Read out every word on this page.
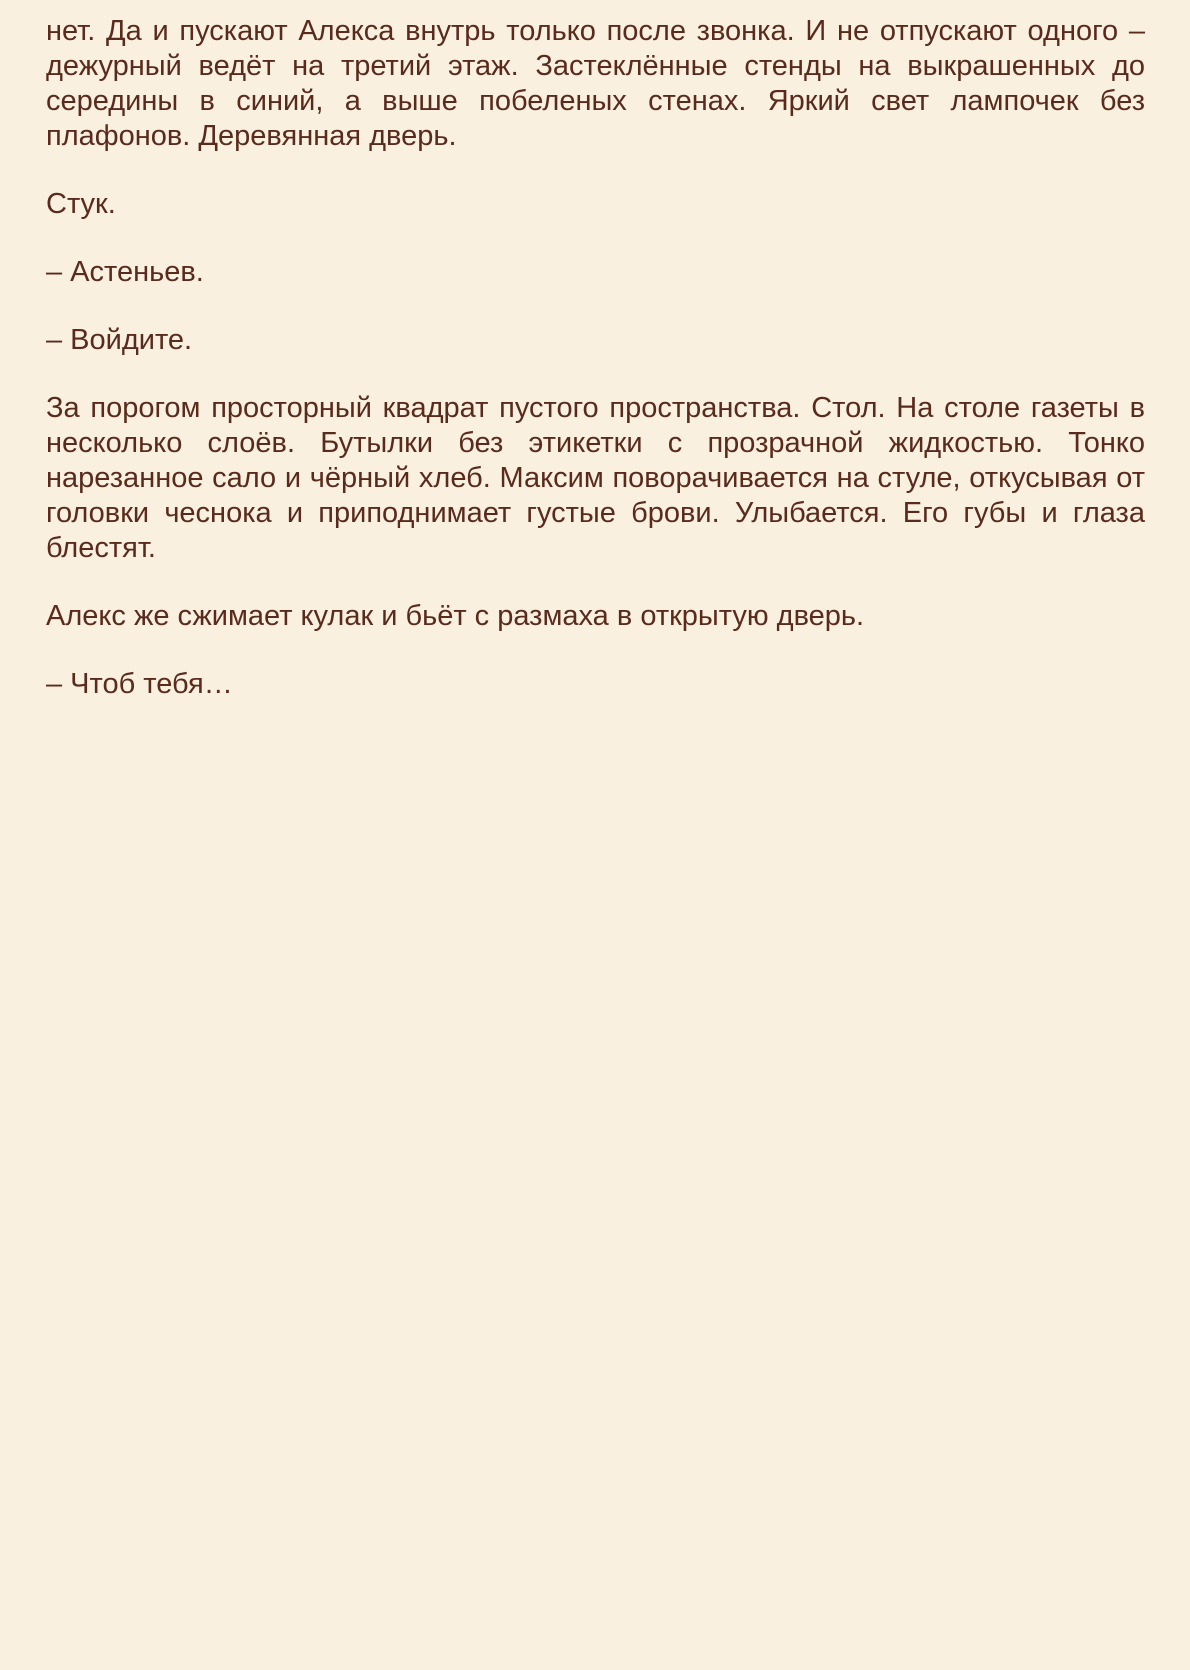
нет. Да и пускают Алекса внутрь только после звонка. И не отпускают одного – дежурный ведёт на третий этаж. Застеклённые стенды на выкрашенных до середины в синий, а выше побеленых стенах. Яркий свет лампочек без плафонов. Деревянная дверь.

Стук.

– Астеньев.

– Войдите.

За порогом просторный квадрат пустого пространства. Стол. На столе газеты в несколько слоёв. Бутылки без этикетки с прозрачной жидкостью. Тонко нарезанное сало и чёрный хлеб. Максим поворачивается на стуле, откусывая от головки чеснока и приподнимает густые брови. Улыбается. Его губы и глаза блестят.

Алекс же сжимает кулак и бьёт с размаха в открытую дверь.

– Чтоб тебя…
